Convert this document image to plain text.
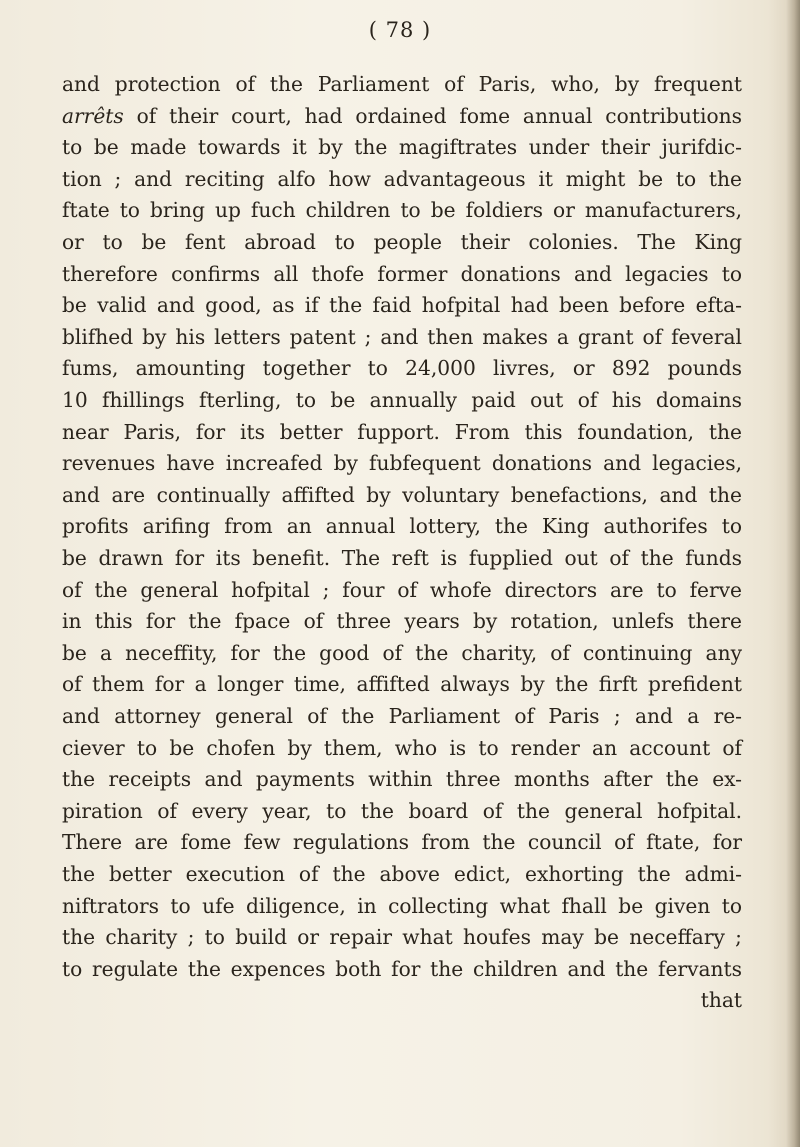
( 78 )
and protection of the Parliament of Paris, who, by frequent
arrêts of their court, had ordained fome annual contributions
to be made towards it by the magiftrates under their jurifdic-
tion ; and reciting alfo how advantageous it might be to the
ftate to bring up fuch children to be foldiers or manufacturers,
or to be fent abroad to people their colonies. The King
therefore confirms all thofe former donations and legacies to
be valid and good, as if the faid hofpital had been before efta-
blifhed by his letters patent ; and then makes a grant of feveral
fums, amounting together to 24,000 livres, or 892 pounds
10 fhillings fterling, to be annually paid out of his domains
near Paris, for its better fupport. From this foundation, the
revenues have increafed by fubfequent donations and legacies,
and are continually affifted by voluntary benefactions, and the
profits arifing from an annual lottery, the King authorifes to
be drawn for its benefit. The reft is fupplied out of the funds
of the general hofpital ; four of whofe directors are to ferve
in this for the fpace of three years by rotation, unlefs there
be a neceffity, for the good of the charity, of continuing any
of them for a longer time, affifted always by the firft prefident
and attorney general of the Parliament of Paris ; and a re-
ciever to be chofen by them, who is to render an account of
the receipts and payments within three months after the ex-
piration of every year, to the board of the general hofpital.
There are fome few regulations from the council of ftate, for
the better execution of the above edict, exhorting the admi-
niftrators to ufe diligence, in collecting what fhall be given to
the charity ; to build or repair what houfes may be neceffary ;
to regulate the expences both for the children and the fervants
that
